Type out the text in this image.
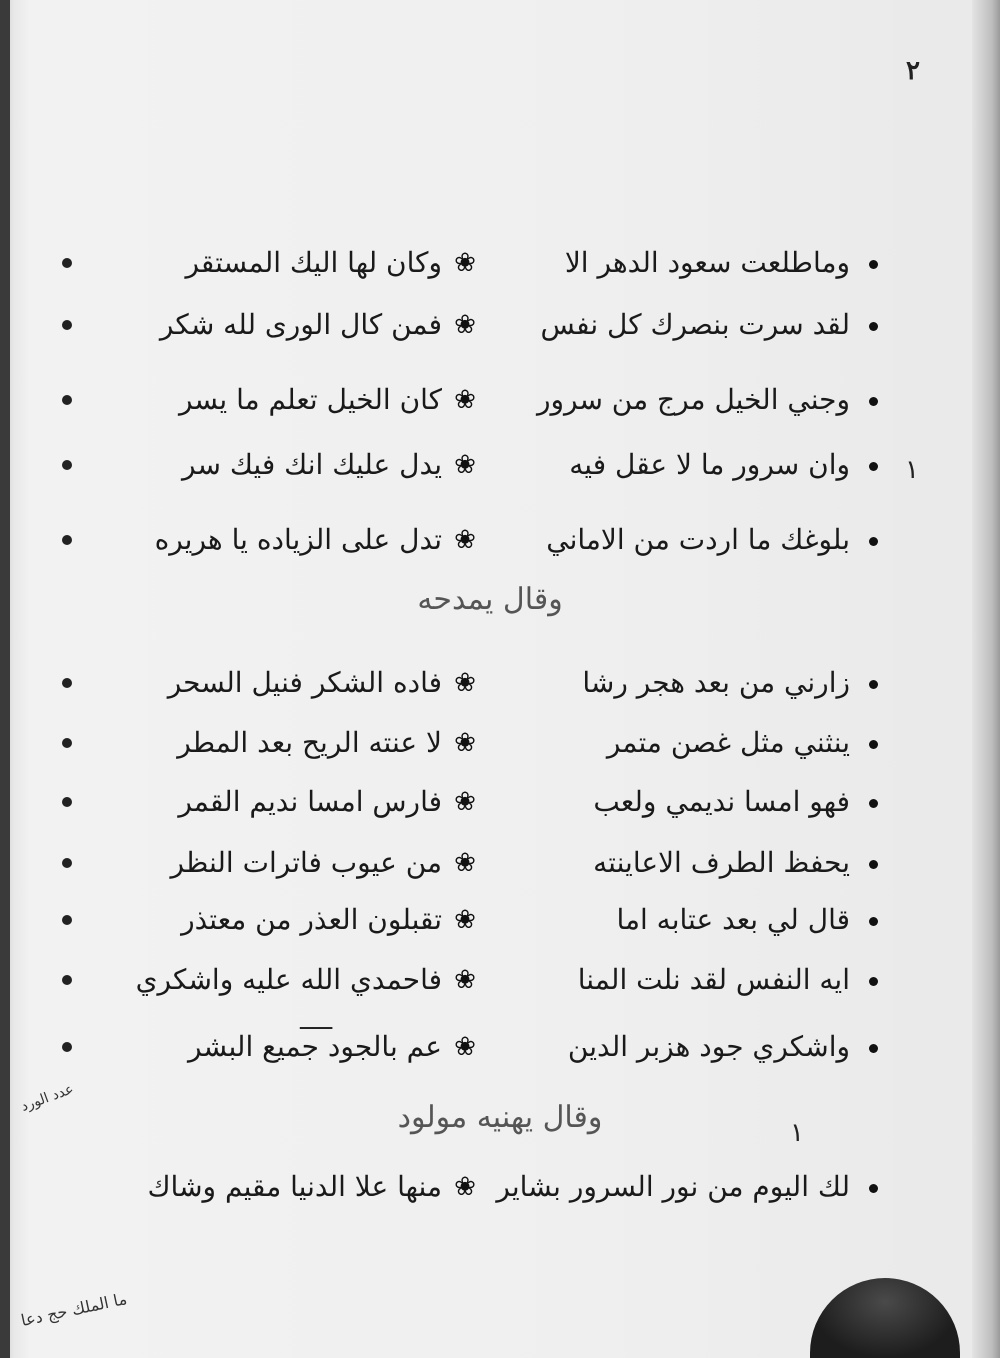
٢
وماطلعت سعود الدهر الا
❀
وكان لها اليك المستقر
لقد سرت بنصرك كل نفس
❀
فمن كال الورى لله شكر
وجني الخيل مرج من سرور
❀
كان الخيل تعلم ما يسر
وان سرور ما لا عقل فيه
❀
يدل عليك انك فيك سر
بلوغك ما اردت من الاماني
❀
تدل على الزياده يا هريره
وقال يمدحه
زارني من بعد هجر رشا
❀
فاده الشكر فنيل السحر
ينثني مثل غصن متمر
❀
لا عنته الريح بعد المطر
فهو امسا نديمي ولعب
❀
فارس امسا نديم القمر
يحفظ الطرف الاعاينته
❀
من عيوب فاترات النظر
قال لي بعد عتابه اما
❀
تقبلون العذر من معتذر
ايه النفس لقد نلت المنا
❀
فاحمدي الله عليه واشكري
واشكري جود هزبر الدين
❀
عم بالجود جميع البشر
وقال يهنيه مولود
لك اليوم من نور السرور بشاير
❀
منها علا الدنيا مقيم وشاك
١
١
ـــــ
عدد الورد
ما الملك حج دعا
